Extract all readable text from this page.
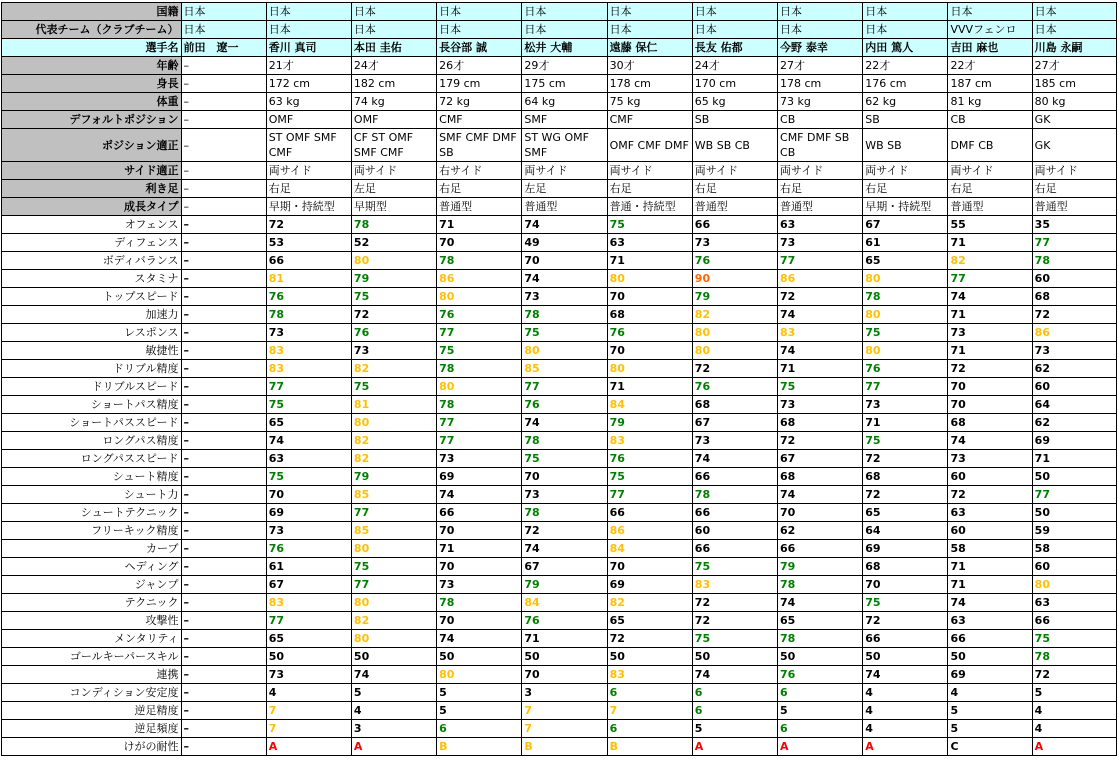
国籍	日本	日本	日本	日本	日本	日本	日本	日本	日本	日本	日本
代表チーム（クラブチーム）	日本	日本	日本	日本	日本	日本	日本	日本	日本	VVVフェンロ	日本
選手名	前田　遼一	香川 真司	本田 圭佑	長谷部 誠	松井 大輔	遠藤 保仁	長友 佑都	今野 泰幸	内田 篤人	吉田 麻也	川島 永嗣
年齢	–	21才	24才	26才	29才	30才	24才	27才	22才	22才	27才
身長	–	172 cm	182 cm	179 cm	175 cm	178 cm	170 cm	178 cm	176 cm	187 cm	185 cm
体重	–	63 kg	74 kg	72 kg	64 kg	75 kg	65 kg	73 kg	62 kg	81 kg	80 kg
デフォルトポジション	–	OMF	OMF	CMF	SMF	CMF	SB	CB	SB	CB	GK
ポジション適正	–	ST OMF SMF CMF	CF ST OMF SMF CMF	SMF CMF DMF SB	ST WG OMF SMF	OMF CMF DMF	WB SB CB	CMF DMF SB CB	WB SB	DMF CB	GK
サイド適正	–	両サイド	両サイド	右サイド	両サイド	両サイド	両サイド	両サイド	両サイド	両サイド	両サイド
利き足	–	右足	左足	右足	左足	右足	右足	右足	右足	右足	右足
成長タイプ	–	早期・持続型	早期型	普通型	普通型	普通・持続型	普通型	普通型	早期・持続型	普通型	普通型
オフェンス	–	72	78	71	74	75	66	63	67	55	35
ディフェンス	–	53	52	70	49	63	73	73	61	71	77
ボディバランス	–	66	80	78	70	71	76	77	65	82	78
スタミナ	–	81	79	86	74	80	90	86	80	77	60
トップスピード	–	76	75	80	73	70	79	72	78	74	68
加速力	–	78	72	76	78	68	82	74	80	71	72
レスポンス	–	73	76	77	75	76	80	83	75	73	86
敏捷性	–	83	73	75	80	70	80	74	80	71	73
ドリブル精度	–	83	82	78	85	80	72	71	76	72	62
ドリブルスピード	–	77	75	80	77	71	76	75	77	70	60
ショートパス精度	–	75	81	78	76	84	68	73	73	70	64
ショートパススピード	–	65	80	77	74	79	67	68	71	68	62
ロングパス精度	–	74	82	77	78	83	73	72	75	74	69
ロングパススピード	–	63	82	73	75	76	74	67	72	73	71
シュート精度	–	75	79	69	70	75	66	68	68	60	50
シュート力	–	70	85	74	73	77	78	74	72	72	77
シュートテクニック	–	69	77	66	78	66	66	70	65	63	50
フリーキック精度	–	73	85	70	72	86	60	62	64	60	59
カーブ	–	76	80	71	74	84	66	66	69	58	58
ヘディング	–	61	75	70	67	70	75	79	68	71	60
ジャンプ	–	67	77	73	79	69	83	78	70	71	80
テクニック	–	83	80	78	84	82	72	74	75	74	63
攻撃性	–	77	82	70	76	65	72	65	72	63	66
メンタリティ	–	65	80	74	71	72	75	78	66	66	75
ゴールキーパースキル	–	50	50	50	50	50	50	50	50	50	78
連携	–	73	74	80	70	83	74	76	74	69	72
コンディション安定度	–	4	5	5	3	6	6	6	4	4	5
逆足精度	–	7	4	5	7	7	6	5	4	5	4
逆足頻度	–	7	3	6	7	6	5	6	4	5	4
けがの耐性	–	A	A	B	B	B	A	A	A	C	A
